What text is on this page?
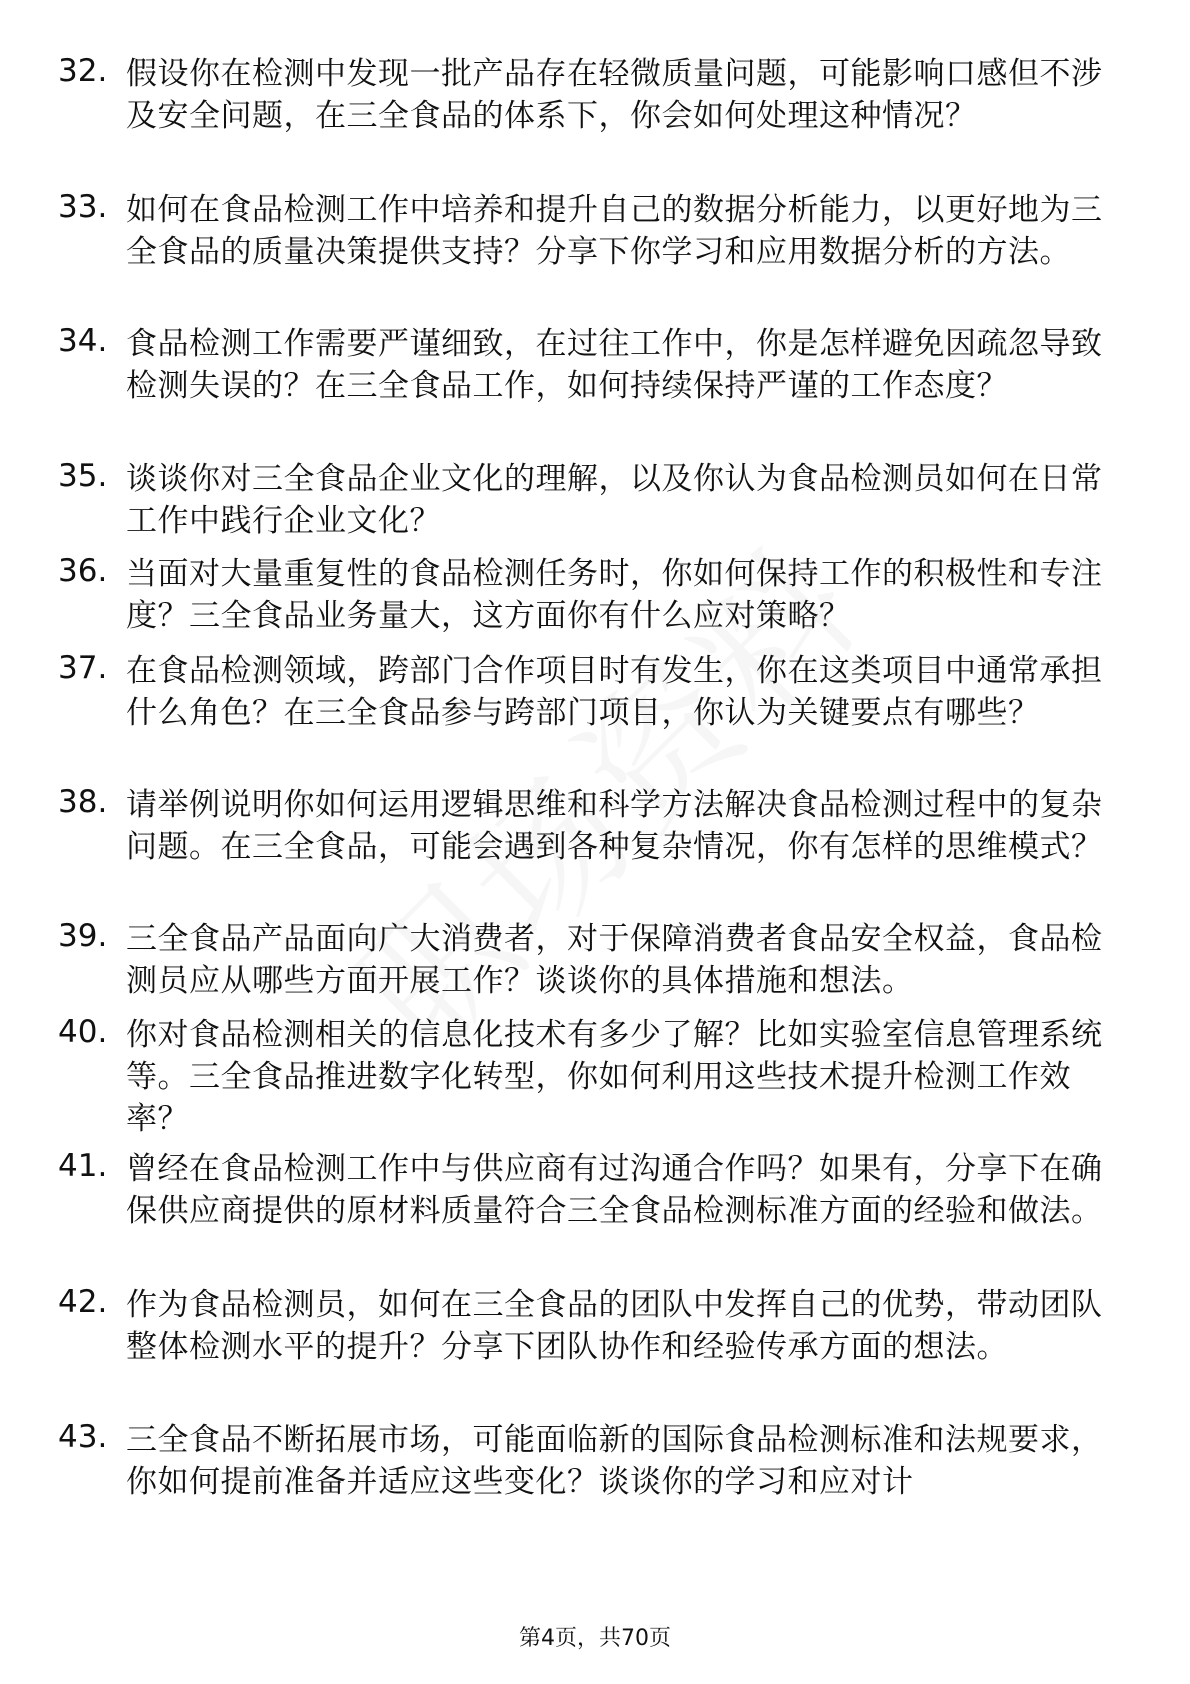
32. 假设你在检测中发现一批产品存在轻微质量问题，可能影响口感但不涉及安全问题，在三全食品的体系下，你会如何处理这种情况？
33. 如何在食品检测工作中培养和提升自己的数据分析能力，以更好地为三全食品的质量决策提供支持？分享下你学习和应用数据分析的方法。
34. 食品检测工作需要严谨细致，在过往工作中，你是怎样避免因疏忽导致检测失误的？在三全食品工作，如何持续保持严谨的工作态度？
35. 谈谈你对三全食品企业文化的理解，以及你认为食品检测员如何在日常工作中践行企业文化？
36. 当面对大量重复性的食品检测任务时，你如何保持工作的积极性和专注度？三全食品业务量大，这方面你有什么应对策略？
37. 在食品检测领域，跨部门合作项目时有发生，你在这类项目中通常承担什么角色？在三全食品参与跨部门项目，你认为关键要点有哪些？
38. 请举例说明你如何运用逻辑思维和科学方法解决食品检测过程中的复杂问题。在三全食品，可能会遇到各种复杂情况，你有怎样的思维模式？
39. 三全食品产品面向广大消费者，对于保障消费者食品安全权益，食品检测员应从哪些方面开展工作？谈谈你的具体措施和想法。
40. 你对食品检测相关的信息化技术有多少了解？比如实验室信息管理系统等。三全食品推进数字化转型，你如何利用这些技术提升检测工作效率？
41. 曾经在食品检测工作中与供应商有过沟通合作吗？如果有，分享下在确保供应商提供的原材料质量符合三全食品检测标准方面的经验和做法。
42. 作为食品检测员，如何在三全食品的团队中发挥自己的优势，带动团队整体检测水平的提升？分享下团队协作和经验传承方面的想法。
43. 三全食品不断拓展市场，可能面临新的国际食品检测标准和法规要求，你如何提前准备并适应这些变化？谈谈你的学习和应对计
第4页，共70页
